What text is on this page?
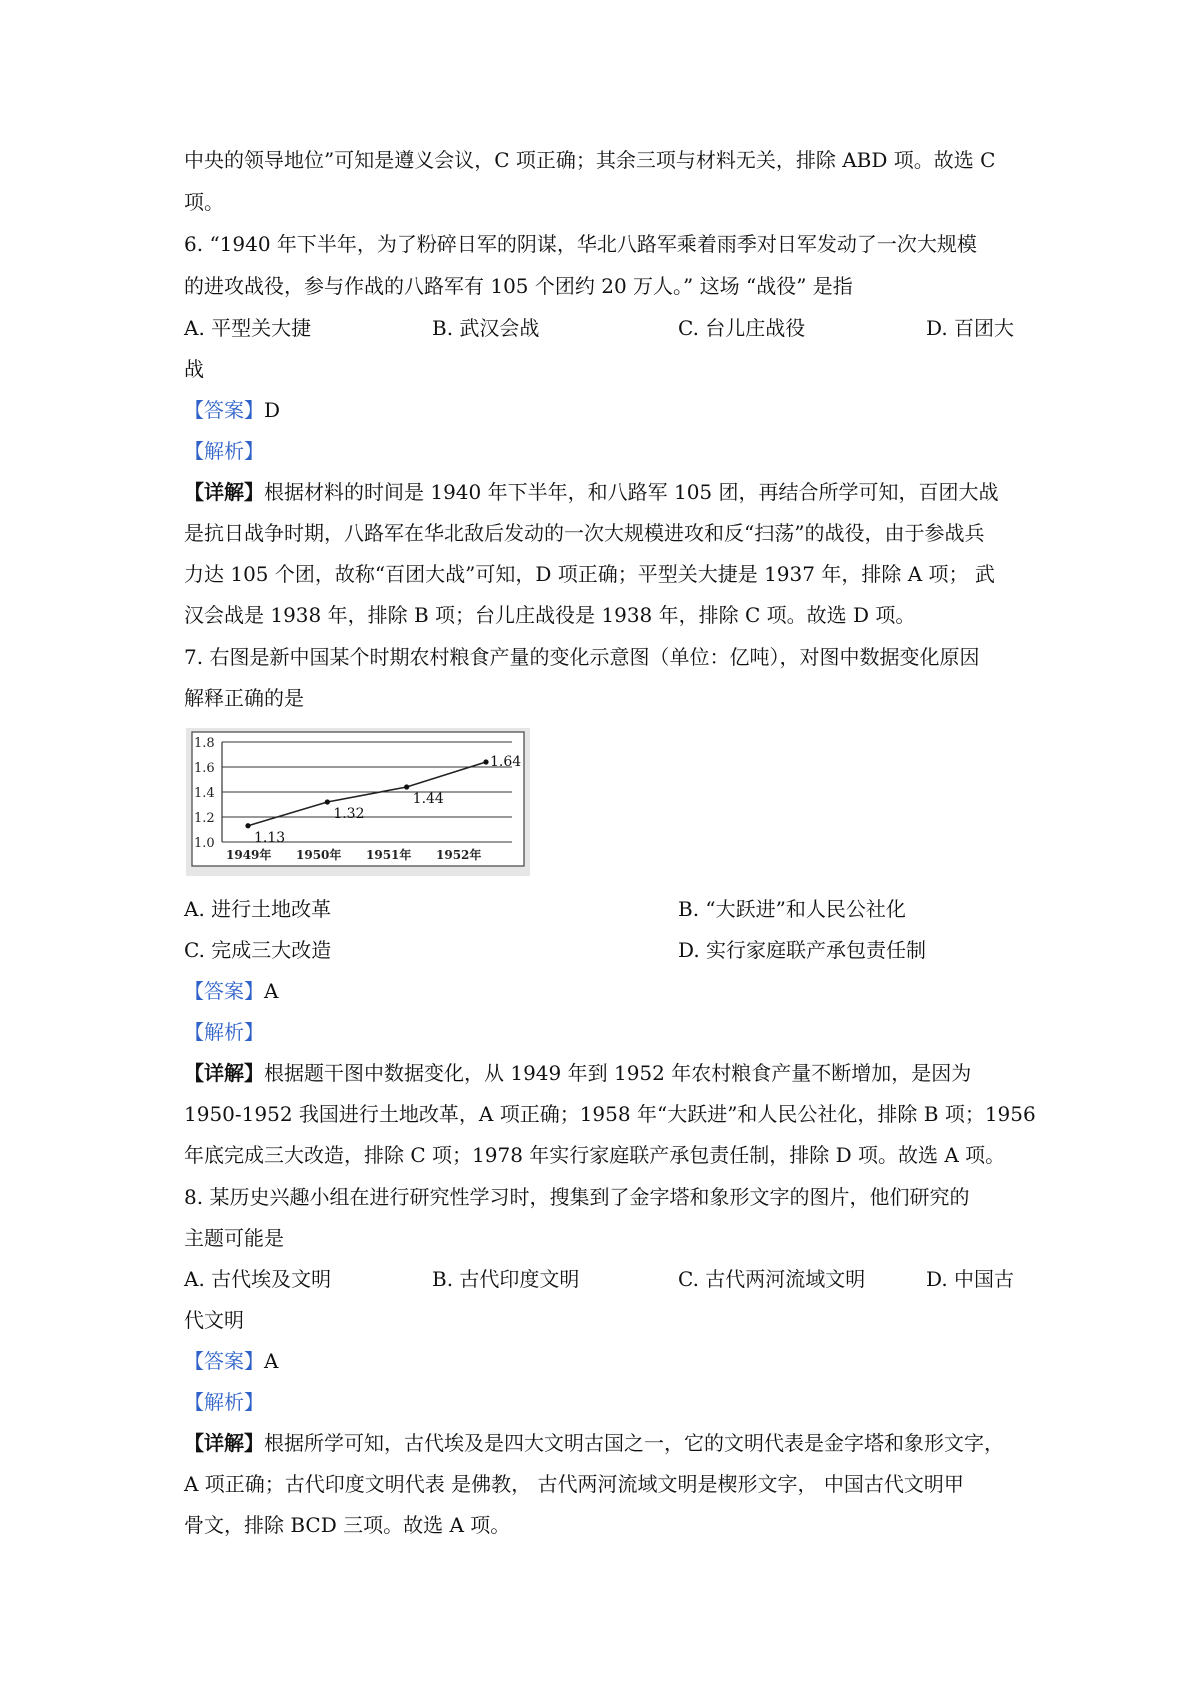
中央的领导地位”可知是遵义会议，C 项正确；其余三项与材料无关，排除 ABD 项。故选 C
项。
6. “1940 年下半年，为了粉碎日军的阴谋，华北八路军乘着雨季对日军发动了一次大规模
的进攻战役，参与作战的八路军有 105 个团约 20 万人。” 这场 “战役” 是指
A. 平型关大捷	B. 武汉会战	C. 台儿庄战役	D. 百团大
战
【答案】D
【解析】
【详解】根据材料的时间是 1940 年下半年，和八路军 105 团，再结合所学可知，百团大战
是抗日战争时期，八路军在华北敌后发动的一次大规模进攻和反“扫荡”的战役，由于参战兵
力达 105 个团，故称“百团大战”可知，D 项正确；平型关大捷是 1937 年，排除 A 项； 武
汉会战是 1938 年，排除 B 项；台儿庄战役是 1938 年，排除 C 项。故选 D 项。
7. 右图是新中国某个时期农村粮食产量的变化示意图（单位：亿吨），对图中数据变化原因
解释正确的是
1.0
1.2
1.4
1.6
1.8
1949年 1950年 1951年 1952年
1.13
1.32
1.44
1.64
A. 进行土地改革	B. “大跃进”和人民公社化
C. 完成三大改造	D. 实行家庭联产承包责任制
【答案】A
【解析】
【详解】根据题干图中数据变化，从 1949 年到 1952 年农村粮食产量不断增加，是因为
1950-1952 我国进行土地改革，A 项正确；1958 年“大跃进”和人民公社化，排除 B 项；1956
年底完成三大改造，排除 C 项；1978 年实行家庭联产承包责任制，排除 D 项。故选 A 项。
8. 某历史兴趣小组在进行研究性学习时，搜集到了金字塔和象形文字的图片，他们研究的
主题可能是
A. 古代埃及文明	B. 古代印度文明	C. 古代两河流域文明	D. 中国古
代文明
【答案】A
【解析】
【详解】根据所学可知，古代埃及是四大文明古国之一，它的文明代表是金字塔和象形文字，
A 项正确；古代印度文明代表 是佛教， 古代两河流域文明是楔形文字， 中国古代文明甲
骨文，排除 BCD 三项。故选 A 项。
